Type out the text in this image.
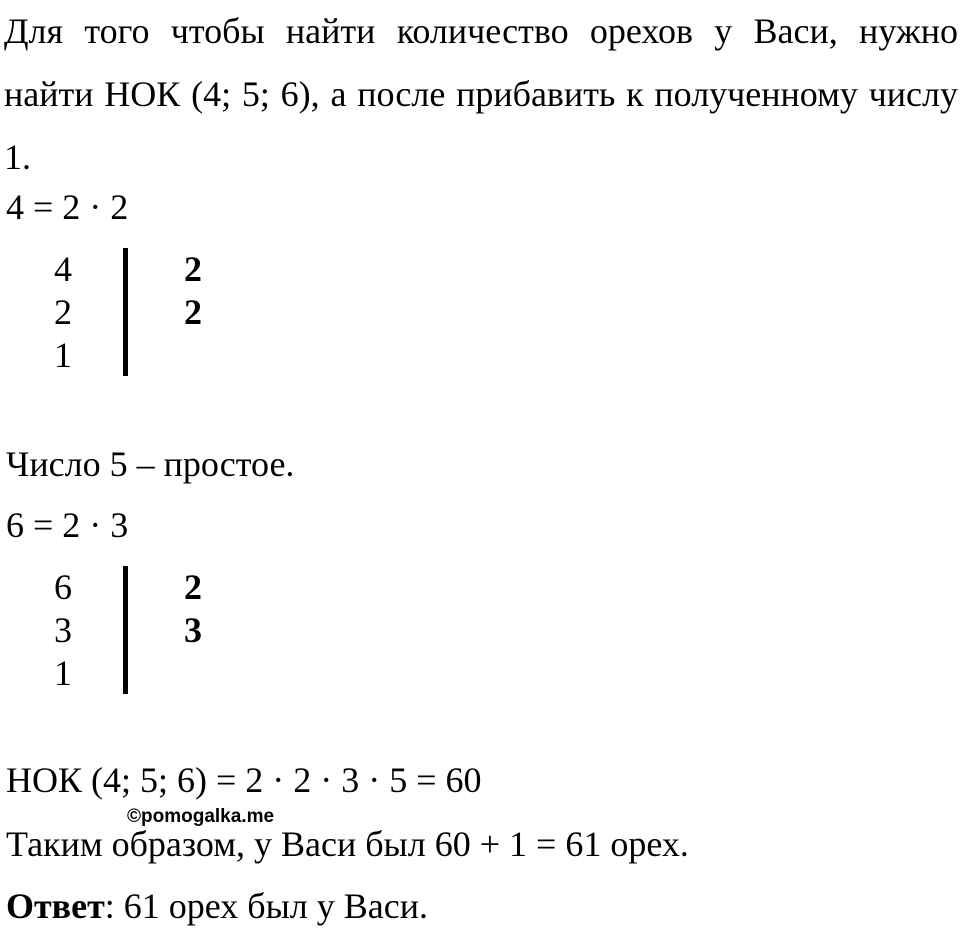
Для того чтобы найти количество орехов у Васи, нужно найти НОК (4; 5; 6), а после прибавить к полученному числу 1.

4 = 2 · 2
4
2
1
2
2
Число 5 – простое.
6 = 2 · 3
6
3
1
2
3
НОК (4; 5; 6) = 2 · 2 · 3 · 5 = 60
©pomogalka.me
Таким образом, у Васи был 60 + 1 = 61 орех.
Ответ: 61 орех был у Васи.
